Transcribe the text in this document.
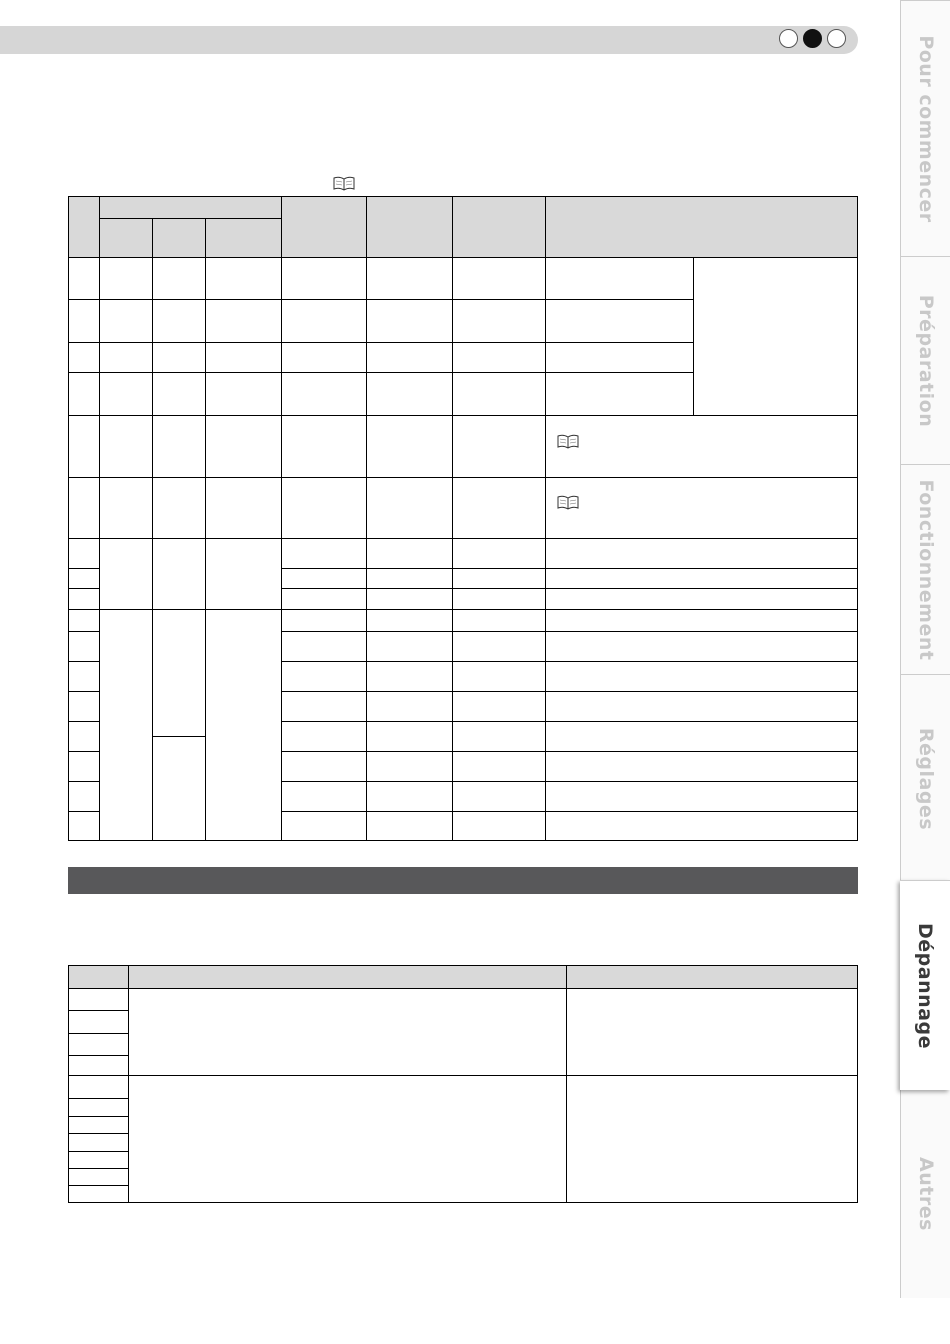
Pour commencer
Préparation
Fonctionnement
Réglages
Autres
Dépannage
